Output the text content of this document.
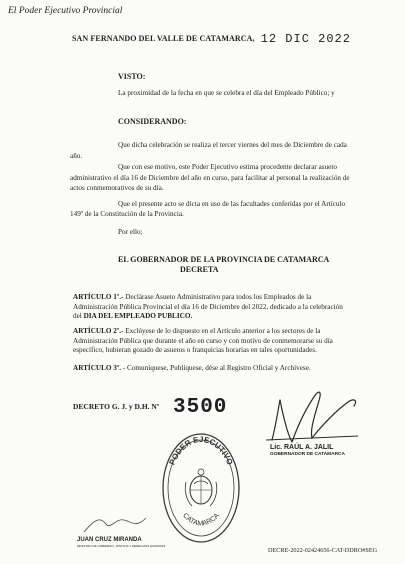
El Poder Ejecutivo Provincial
SAN FERNANDO DEL VALLE DE CATAMARCA, 12 DIC 2022
VISTO:
La proximidad de la fecha en que se celebra el día del Empleado Público; y
CONSIDERANDO:
Que dicha celebración se realiza el tercer viernes del mes de Diciembre de cada
año.
Que con ese motivo, este Poder Ejecutivo estima procedente declarar asueto
administrativo el día 16 de Diciembre del año en curso, para facilitar al personal la realización de
actos conmemorativos de su día.
Que el presente acto se dicta en uso de las facultades conferidas por el Artículo
149º de la Constitución de la Provincia.
Por ello;
EL GOBERNADOR DE LA PROVINCIA DE CATAMARCA
DECRETA
ARTÍCULO 1º.- Declárase Asueto Administrativo para todos los Empleados de la
Administración Pública Provincial el día 16 de Diciembre del 2022, dedicado a la celebración
del DIA DEL EMPLEADO PUBLICO.
ARTÍCULO 2º.- Exclúyese de lo dispuesto en el Artículo anterior a los sectores de la
Administración Pública que durante el año en curso y con motivo de conmemorarse su día
específico, hubieran gozado de asuetos o franquicias horarias en tales oportunidades.
ARTÍCULO 3º. - Comuníquese, Publíquese, dése al Registro Oficial y Archívese.
DECRETO G. J. y D.H. Nº 3500
Lic. RAÚL A. JALIL
GOBERNADOR DE CATAMARCA
PODER EJECUTIVO
CATAMARCA
JUAN CRUZ MIRANDA
MINISTRO DE GOBIERNO, JUSTICIA Y DERECHOS HUMANOS
DECRE-2022-02424656-CAT-DDRO#SEG
